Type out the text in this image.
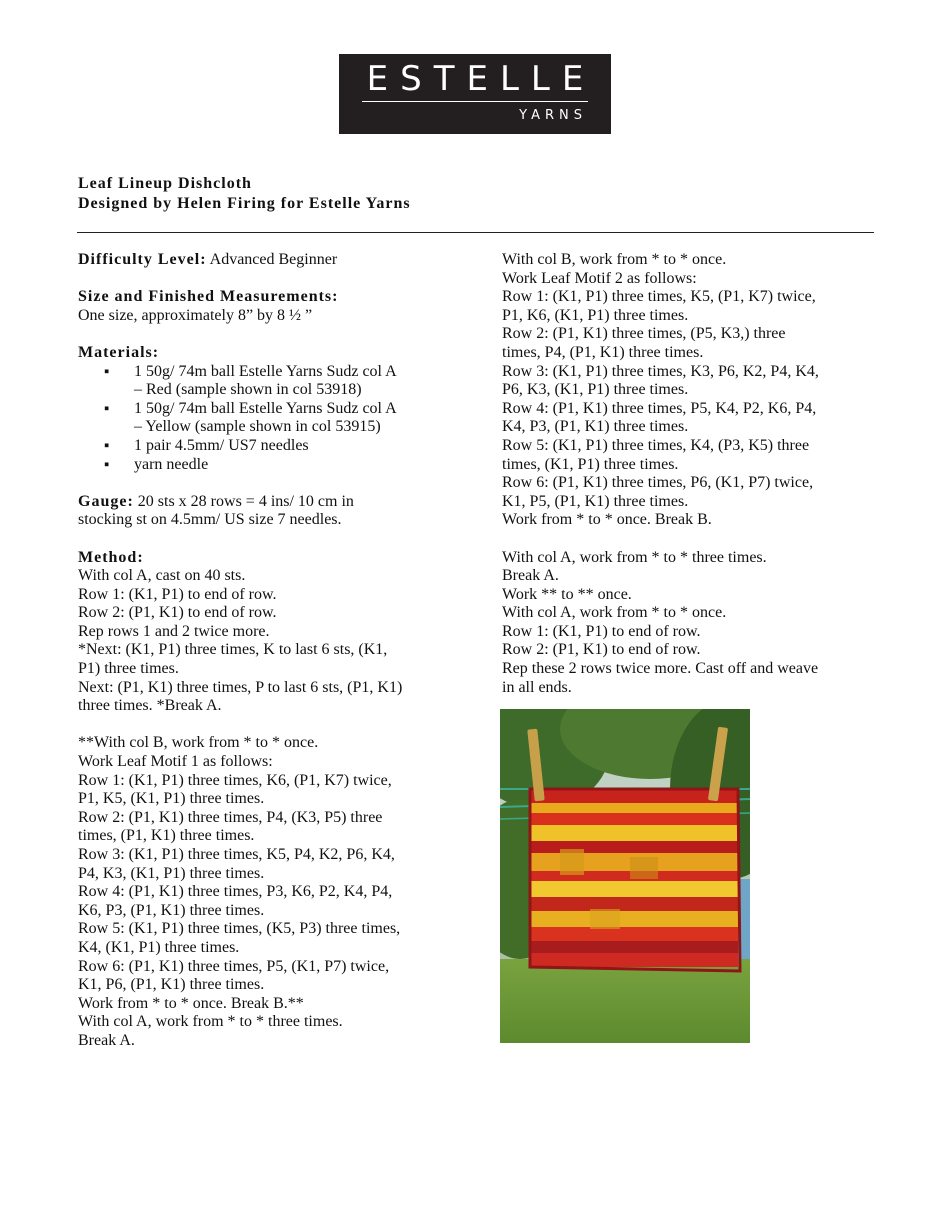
ESTELLE
YARNS
Leaf Lineup Dishcloth
Designed by Helen Firing for Estelle Yarns
Difficulty Level: Advanced Beginner
Size and Finished Measurements:
One size, approximately 8” by 8 ½ ”
Materials:
▪ 1 50g/ 74m ball Estelle Yarns Sudz col A
– Red (sample shown in col 53918)
▪ 1 50g/ 74m ball Estelle Yarns Sudz col A
– Yellow (sample shown in col 53915)
▪ 1 pair 4.5mm/ US7 needles
▪ yarn needle
Gauge: 20 sts x 28 rows = 4 ins/ 10 cm in
stocking st on 4.5mm/ US size 7 needles.
Method:
With col A, cast on 40 sts.
Row 1: (K1, P1) to end of row.
Row 2: (P1, K1) to end of row.
Rep rows 1 and 2 twice more.
*Next: (K1, P1) three times, K to last 6 sts, (K1,
P1) three times.
Next: (P1, K1) three times, P to last 6 sts, (P1, K1)
three times. *Break A.
**With col B, work from * to * once.
Work Leaf Motif 1 as follows:
Row 1: (K1, P1) three times, K6, (P1, K7) twice,
P1, K5, (K1, P1) three times.
Row 2: (P1, K1) three times, P4, (K3, P5) three
times, (P1, K1) three times.
Row 3: (K1, P1) three times, K5, P4, K2, P6, K4,
P4, K3, (K1, P1) three times.
Row 4: (P1, K1) three times, P3, K6, P2, K4, P4,
K6, P3, (P1, K1) three times.
Row 5: (K1, P1) three times, (K5, P3) three times,
K4, (K1, P1) three times.
Row 6: (P1, K1) three times, P5, (K1, P7) twice,
K1, P6, (P1, K1) three times.
Work from * to * once. Break B.**
With col A, work from * to * three times.
Break A.
With col B, work from * to * once.
Work Leaf Motif 2 as follows:
Row 1: (K1, P1) three times, K5, (P1, K7) twice,
P1, K6, (K1, P1) three times.
Row 2: (P1, K1) three times, (P5, K3,) three
times, P4, (P1, K1) three times.
Row 3: (K1, P1) three times, K3, P6, K2, P4, K4,
P6, K3, (K1, P1) three times.
Row 4: (P1, K1) three times, P5, K4, P2, K6, P4,
K4, P3, (P1, K1) three times.
Row 5: (K1, P1) three times, K4, (P3, K5) three
times, (K1, P1) three times.
Row 6: (P1, K1) three times, P6, (K1, P7) twice,
K1, P5, (P1, K1) three times.
Work from * to * once. Break B.
With col A, work from * to * three times.
Break A.
Work ** to ** once.
With col A, work from * to * once.
Row 1: (K1, P1) to end of row.
Row 2: (P1, K1) to end of row.
Rep these 2 rows twice more. Cast off and weave
in all ends.
